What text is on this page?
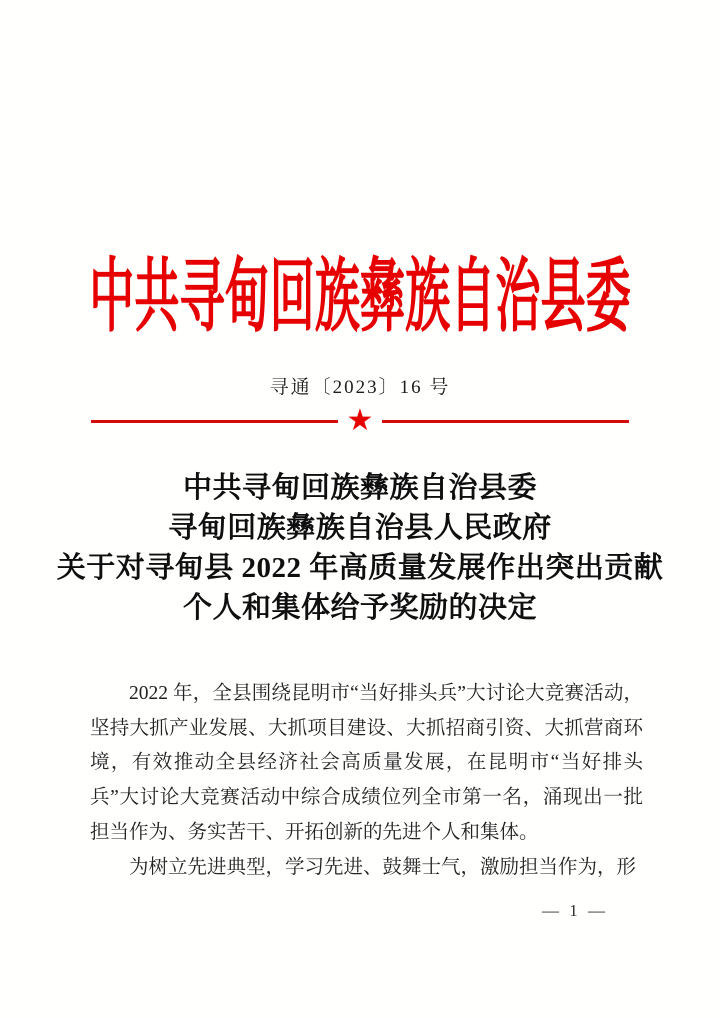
中共寻甸回族彝族自治县委
寻通〔2023〕16 号
★
中共寻甸回族彝族自治县委
寻甸回族彝族自治县人民政府
关于对寻甸县 2022 年高质量发展作出突出贡献
个人和集体给予奖励的决定

2022 年，全县围绕昆明市“当好排头兵”大讨论大竞赛活动，坚持大抓产业发展、大抓项目建设、大抓招商引资、大抓营商环境，有效推动全县经济社会高质量发展，在昆明市“当好排头兵”大讨论大竞赛活动中综合成绩位列全市第一名，涌现出一批担当作为、务实苦干、开拓创新的先进个人和集体。

为树立先进典型，学习先进、鼓舞士气，激励担当作为，形

— 1 —
